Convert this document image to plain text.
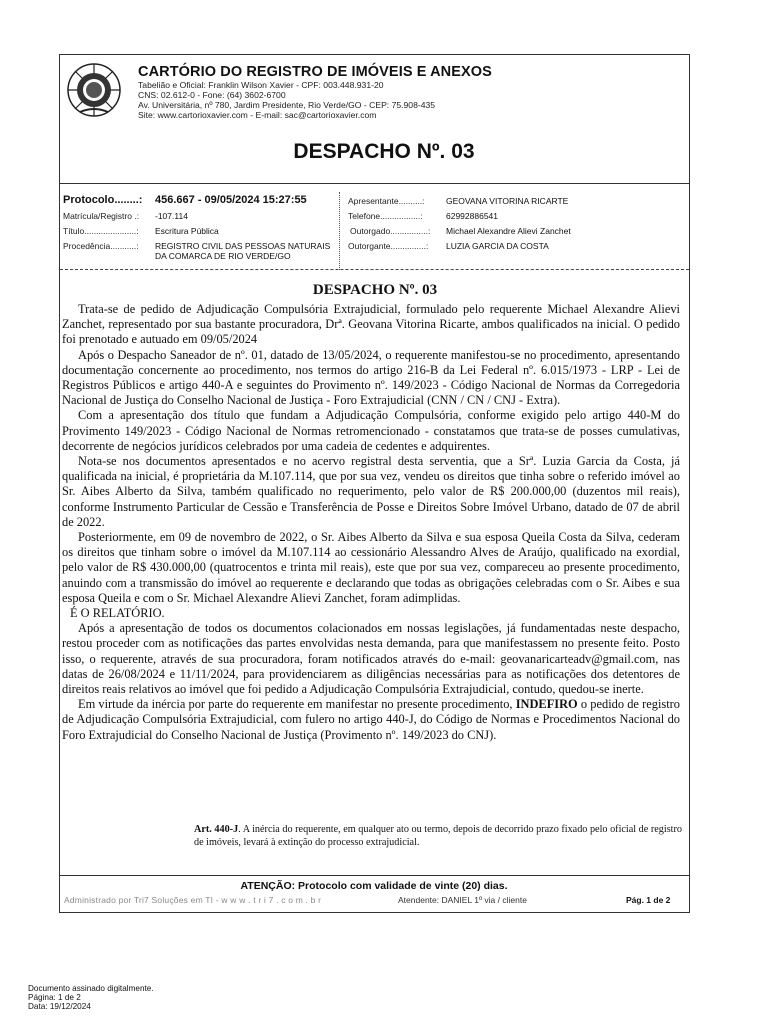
CARTÓRIO DO REGISTRO DE IMÓVEIS E ANEXOS
Tabelião e Oficial: Franklin Wilson Xavier - CPF: 003.448.931-20
CNS: 02.612-0 - Fone: (64) 3602-6700
Av. Universitária, nº 780, Jardim Presidente, Rio Verde/GO - CEP: 75.908-435
Site: www.cartorioxavier.com - E-mail: sac@cartorioxavier.com
DESPACHO Nº. 03
Protocolo........: 456.667 - 09/05/2024 15:27:55
Matrícula/Registro .: -107.114
Título......................: Escritura Pública
Procedência...........: REGISTRO CIVIL DAS PESSOAS NATURAIS DA COMARCA DE RIO VERDE/GO
Apresentante..........:	GEOVANA VITORINA RICARTE
Telefone.................:	62992886541
Outorgado................: Michael Alexandre Alievi Zanchet
Outorgante...............: LUZIA GARCIA DA COSTA
DESPACHO Nº. 03

Trata-se de pedido de Adjudicação Compulsória Extrajudicial, formulado pelo requerente Michael Alexandre Alievi Zanchet, representado por sua bastante procuradora, Drª. Geovana Vitorina Ricarte, ambos qualificados na inicial. O pedido foi prenotado e autuado em 09/05/2024

Após o Despacho Saneador de nº. 01, datado de 13/05/2024, o requerente manifestou-se no procedimento, apresentando documentação concernente ao procedimento, nos termos do artigo 216-B da Lei Federal nº. 6.015/1973 - LRP - Lei de Registros Públicos e artigo 440-A e seguintes do Provimento nº. 149/2023 - Código Nacional de Normas da Corregedoria Nacional de Justiça do Conselho Nacional de Justiça - Foro Extrajudicial (CNN / CN / CNJ - Extra).

Com a apresentação dos título que fundam a Adjudicação Compulsória, conforme exigido pelo artigo 440-M do Provimento 149/2023 - Código Nacional de Normas retromencionado - constatamos que trata-se de posses cumulativas, decorrente de negócios jurídicos celebrados por uma cadeia de cedentes e adquirentes.

Nota-se nos documentos apresentados e no acervo registral desta serventia, que a Srª. Luzia Garcia da Costa, já qualificada na inicial, é proprietária da M.107.114, que por sua vez, vendeu os direitos que tinha sobre o referido imóvel ao Sr. Aibes Alberto da Silva, também qualificado no requerimento, pelo valor de R$ 200.000,00 (duzentos mil reais), conforme Instrumento Particular de Cessão e Transferência de Posse e Direitos Sobre Imóvel Urbano, datado de 07 de abril de 2022.

Posteriormente, em 09 de novembro de 2022, o Sr. Aibes Alberto da Silva e sua esposa Queila Costa da Silva, cederam os direitos que tinham sobre o imóvel da M.107.114 ao cessionário Alessandro Alves de Araújo, qualificado na exordial, pelo valor de R$ 430.000,00 (quatrocentos e trinta mil reais), este que por sua vez, compareceu ao presente procedimento, anuindo com a transmissão do imóvel ao requerente e declarando que todas as obrigações celebradas com o Sr. Aibes e sua esposa Queila e com o Sr. Michael Alexandre Alievi Zanchet, foram adimplidas.

É O RELATÓRIO.

Após a apresentação de todos os documentos colacionados em nossas legislações, já fundamentadas neste despacho, restou proceder com as notificações das partes envolvidas nesta demanda, para que manifestassem no presente feito. Posto isso, o requerente, através de sua procuradora, foram notificados através do e-mail: geovanaricarteadv@gmail.com, nas datas de 26/08/2024 e 11/11/2024, para providenciarem as diligências necessárias para as notificações dos detentores de direitos reais relativos ao imóvel que foi pedido a Adjudicação Compulsória Extrajudicial, contudo, quedou-se inerte.

Em virtude da inércia por parte do requerente em manifestar no presente procedimento, INDEFIRO o pedido de registro de Adjudicação Compulsória Extrajudicial, com fulero no artigo 440-J, do Código de Normas e Procedimentos Nacional do Foro Extrajudicial do Conselho Nacional de Justiça (Provimento nº. 149/2023 do CNJ).

Art. 440-J. A inércia do requerente, em qualquer ato ou termo, depois de decorrido prazo fixado pelo oficial de registro de imóveis, levará à extinção do processo extrajudicial.
ATENÇÃO: Protocolo com validade de vinte (20) dias.
Administrado por Tri7 Soluções em TI - w w w . t r i 7 . c o m . b r	Atendente: DANIEL 1º via / cliente	Pág. 1 de 2
Documento assinado digitalmente.
Página: 1 de 2
Data: 19/12/2024
